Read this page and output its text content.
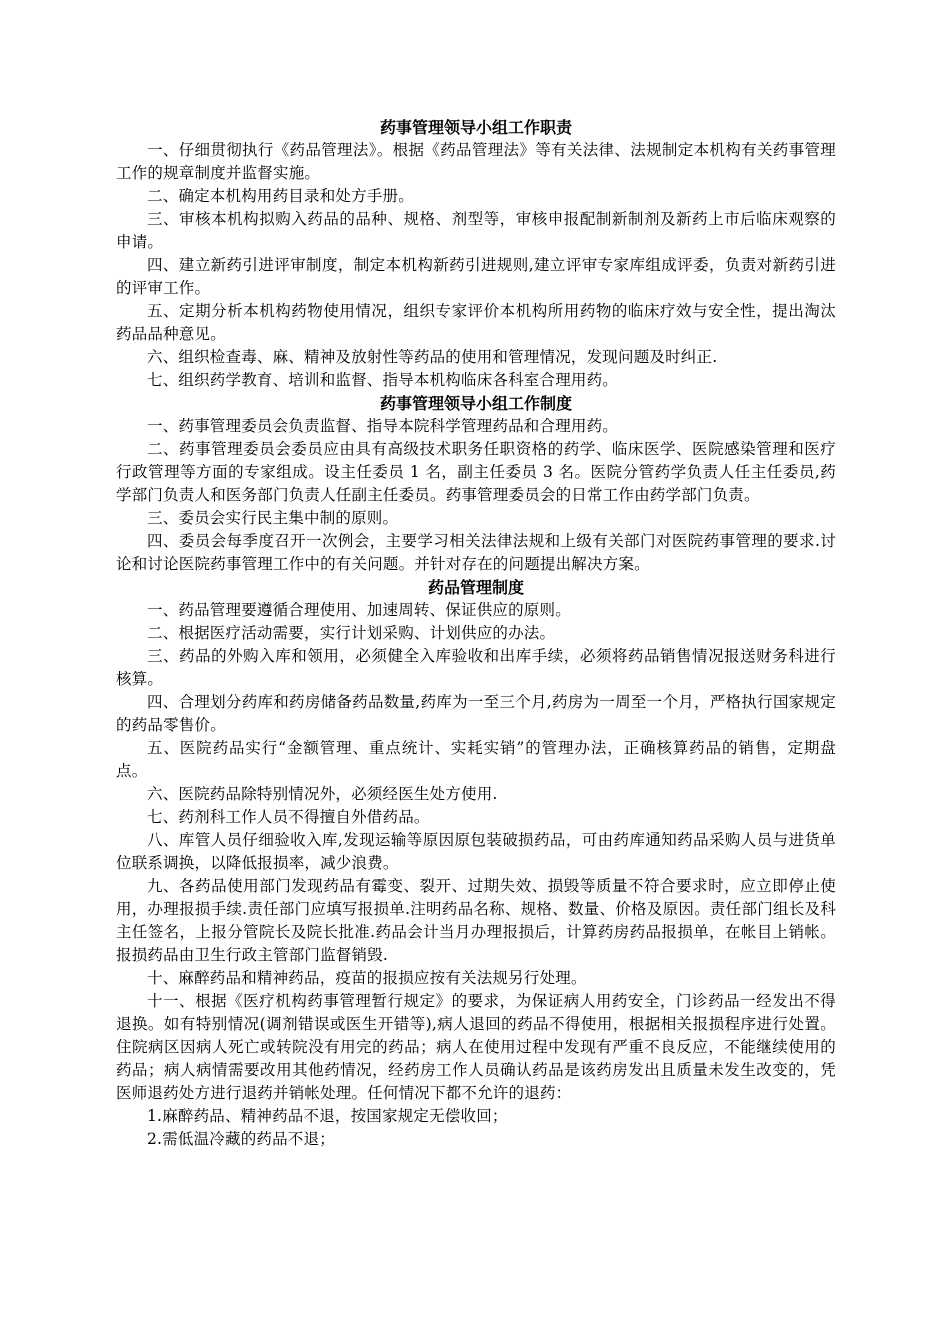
药事管理领导小组工作职责

一、仔细贯彻执行《药品管理法》。根据《药品管理法》等有关法律、法规制定本机构有关药事管理工作的规章制度并监督实施。

二、确定本机构用药目录和处方手册。

三、审核本机构拟购入药品的品种、规格、剂型等，审核申报配制新制剂及新药上市后临床观察的申请。

四、建立新药引进评审制度，制定本机构新药引进规则,建立评审专家库组成评委，负责对新药引进的评审工作。

五、定期分析本机构药物使用情况，组织专家评价本机构所用药物的临床疗效与安全性，提出淘汰药品品种意见。

六、组织检查毒、麻、精神及放射性等药品的使用和管理情况，发现问题及时纠正.

七、组织药学教育、培训和监督、指导本机构临床各科室合理用药。

药事管理领导小组工作制度

一、药事管理委员会负责监督、指导本院科学管理药品和合理用药。

二、药事管理委员会委员应由具有高级技术职务任职资格的药学、临床医学、医院感染管理和医疗行政管理等方面的专家组成。设主任委员 1 名，副主任委员 3 名。医院分管药学负责人任主任委员,药学部门负责人和医务部门负责人任副主任委员。药事管理委员会的日常工作由药学部门负责。

三、委员会实行民主集中制的原则。

四、委员会每季度召开一次例会，主要学习相关法律法规和上级有关部门对医院药事管理的要求.讨论和讨论医院药事管理工作中的有关问题。并针对存在的问题提出解决方案。

药品管理制度

一、药品管理要遵循合理使用、加速周转、保证供应的原则。

二、根据医疗活动需要，实行计划采购、计划供应的办法。

三、药品的外购入库和领用，必须健全入库验收和出库手续，必须将药品销售情况报送财务科进行核算。

四、合理划分药库和药房储备药品数量,药库为一至三个月,药房为一周至一个月，严格执行国家规定的药品零售价。

五、医院药品实行“金额管理、重点统计、实耗实销”的管理办法，正确核算药品的销售，定期盘点。

六、医院药品除特别情况外，必须经医生处方使用.

七、药剂科工作人员不得擅自外借药品。

八、库管人员仔细验收入库,发现运输等原因原包装破损药品，可由药库通知药品采购人员与进货单位联系调换，以降低报损率，减少浪费。

九、各药品使用部门发现药品有霉变、裂开、过期失效、损毁等质量不符合要求时，应立即停止使用，办理报损手续.责任部门应填写报损单.注明药品名称、规格、数量、价格及原因。责任部门组长及科主任签名，上报分管院长及院长批准.药品会计当月办理报损后，计算药房药品报损单，在帐目上销帐。报损药品由卫生行政主管部门监督销毁.

十、麻醉药品和精神药品，疫苗的报损应按有关法规另行处理。

十一、根据《医疗机构药事管理暂行规定》的要求，为保证病人用药安全，门诊药品一经发出不得退换。如有特别情况(调剂错误或医生开错等),病人退回的药品不得使用，根据相关报损程序进行处置。住院病区因病人死亡或转院没有用完的药品；病人在使用过程中发现有严重不良反应，不能继续使用的药品；病人病情需要改用其他药情况，经药房工作人员确认药品是该药房发出且质量未发生改变的，凭医师退药处方进行退药并销帐处理。任何情况下都不允许的退药：

1.麻醉药品、精神药品不退，按国家规定无偿收回；

2.需低温冷藏的药品不退；
